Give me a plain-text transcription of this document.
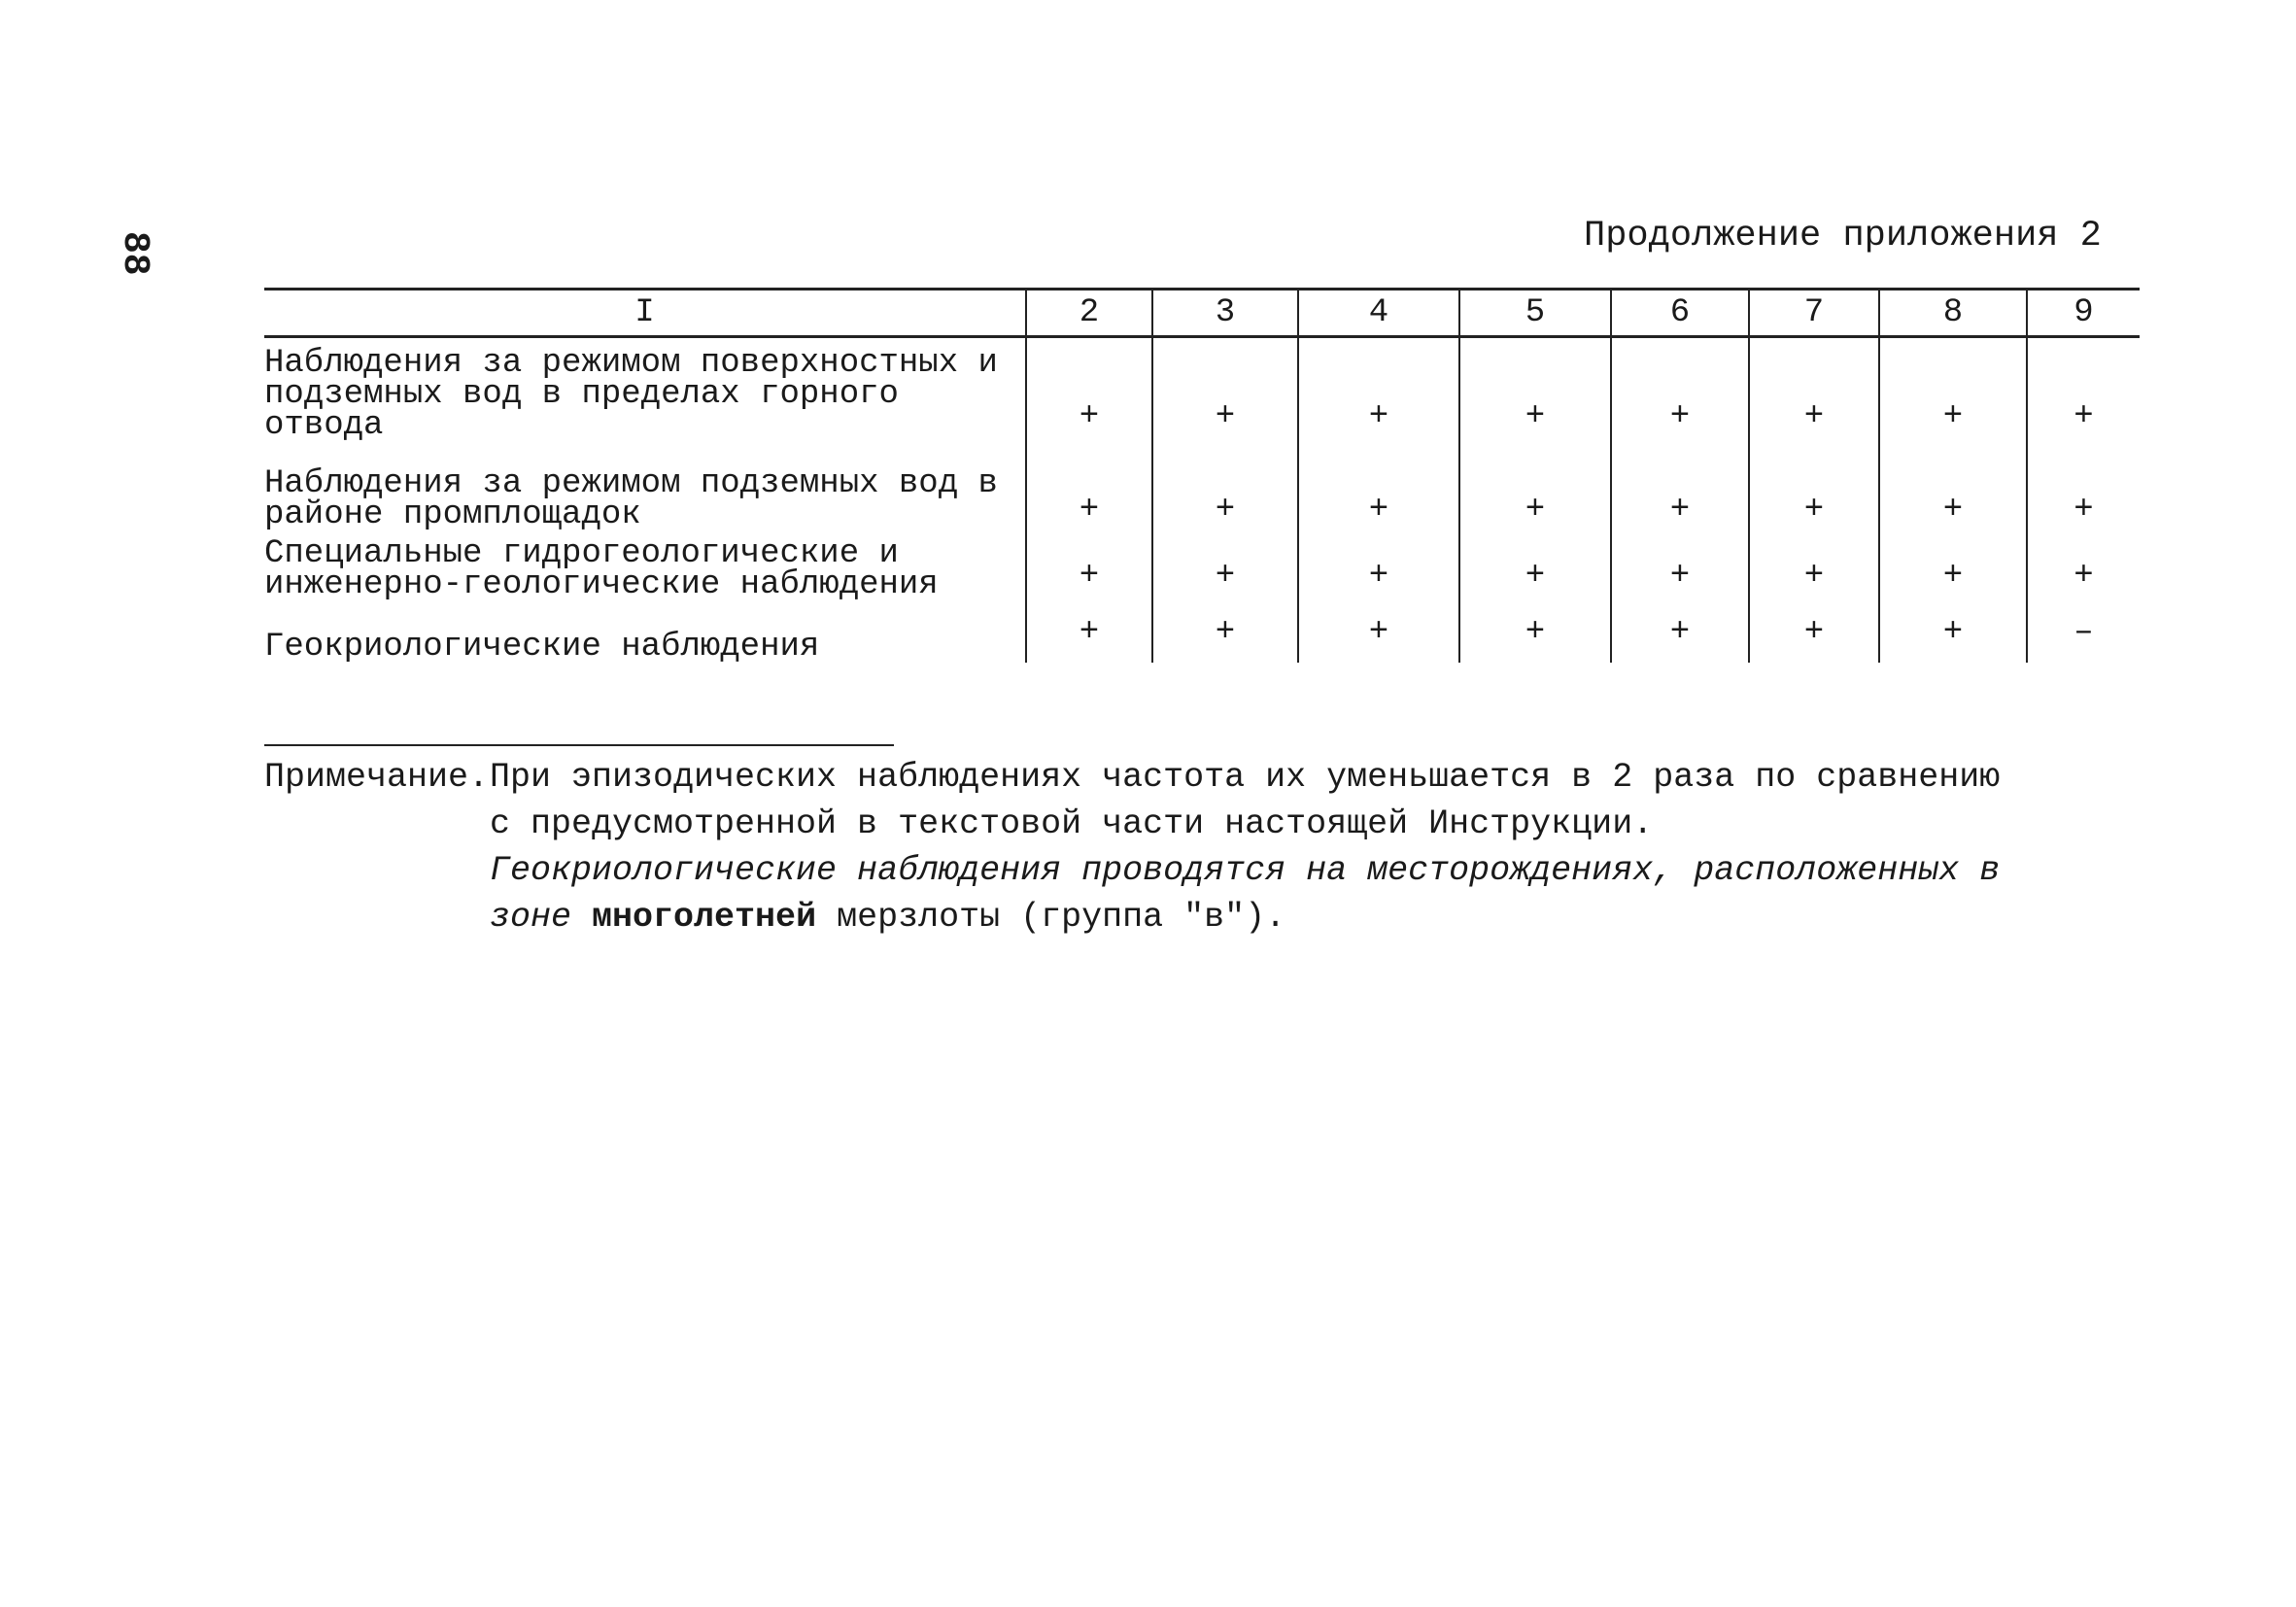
88	Продолжение приложения 2
I	2	3	4	5	6	7	8	9
Наблюдения за режимом поверхностных и подземных вод в пределах горного отвода	+	+	+	+	+	+	+	+
Наблюдения за режимом подземных вод в районе промплощадок	+	+	+	+	+	+	+	+
Специальные гидрогеологические и инженерно-геологические наблюдения	+	+	+	+	+	+	+	+
Геокриологические наблюдения	+	+	+	+	+	+	+	–
Примечание. При эпизодических наблюдениях частота их уменьшается в 2 раза по сравнению с предусмотренной в текстовой части настоящей Инструкции.

Геокриологические наблюдения проводятся на месторождениях, расположенных в зоне многолетней мерзлоты (группа "в").
